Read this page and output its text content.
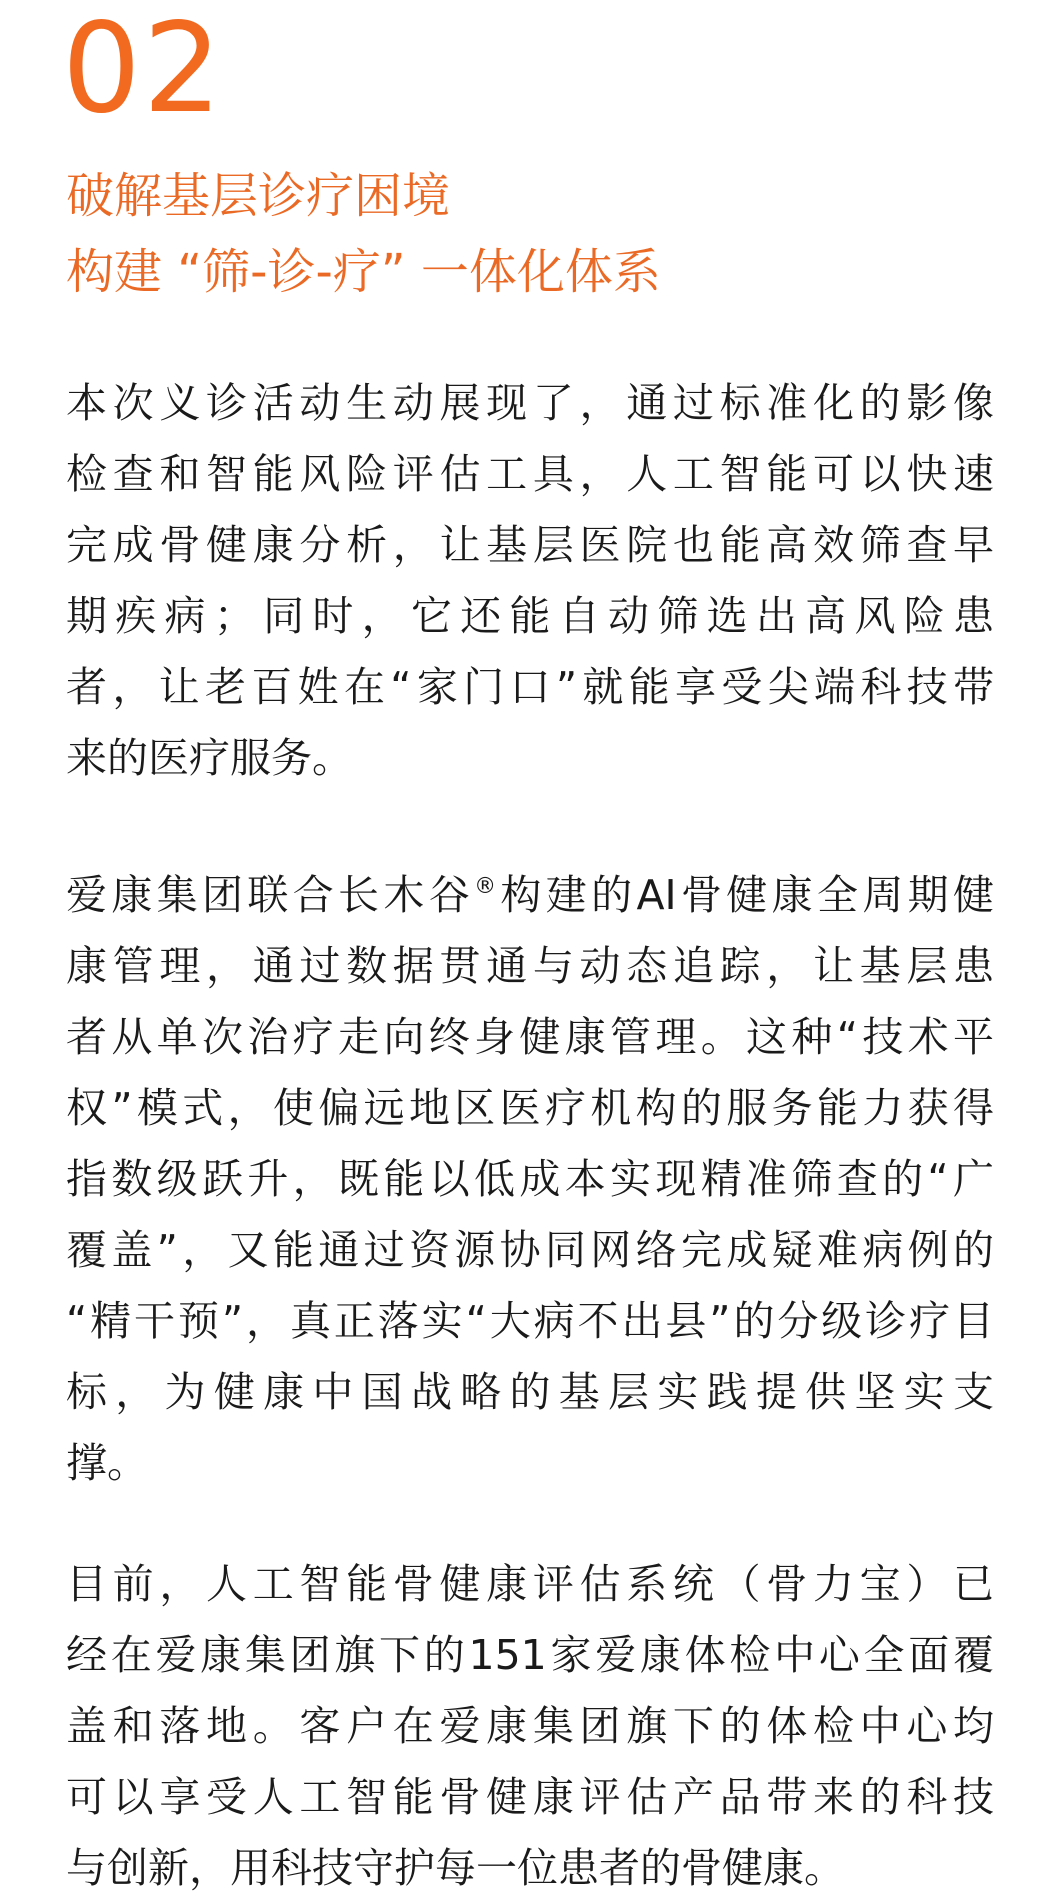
02
破解基层诊疗困境
构建 “筛-诊-疗” 一体化体系

本次义诊活动生动展现了，通过标准化的影像
检查和智能风险评估工具，人工智能可以快速
完成骨健康分析，让基层医院也能高效筛查早
期疾病；同时，它还能自动筛选出高风险患
者，让老百姓在“家门口”就能享受尖端科技带
来的医疗服务。

爱康集团联合长木谷®构建的AI骨健康全周期健
康管理，通过数据贯通与动态追踪，让基层患
者从单次治疗走向终身健康管理。这种“技术平
权”模式，使偏远地区医疗机构的服务能力获得
指数级跃升，既能以低成本实现精准筛查的“广
覆盖”，又能通过资源协同网络完成疑难病例的
“精干预”，真正落实“大病不出县”的分级诊疗目
标，为健康中国战略的基层实践提供坚实支
撑。

目前，人工智能骨健康评估系统（骨力宝）已
经在爱康集团旗下的151家爱康体检中心全面覆
盖和落地。客户在爱康集团旗下的体检中心均
可以享受人工智能骨健康评估产品带来的科技
与创新，用科技守护每一位患者的骨健康。
